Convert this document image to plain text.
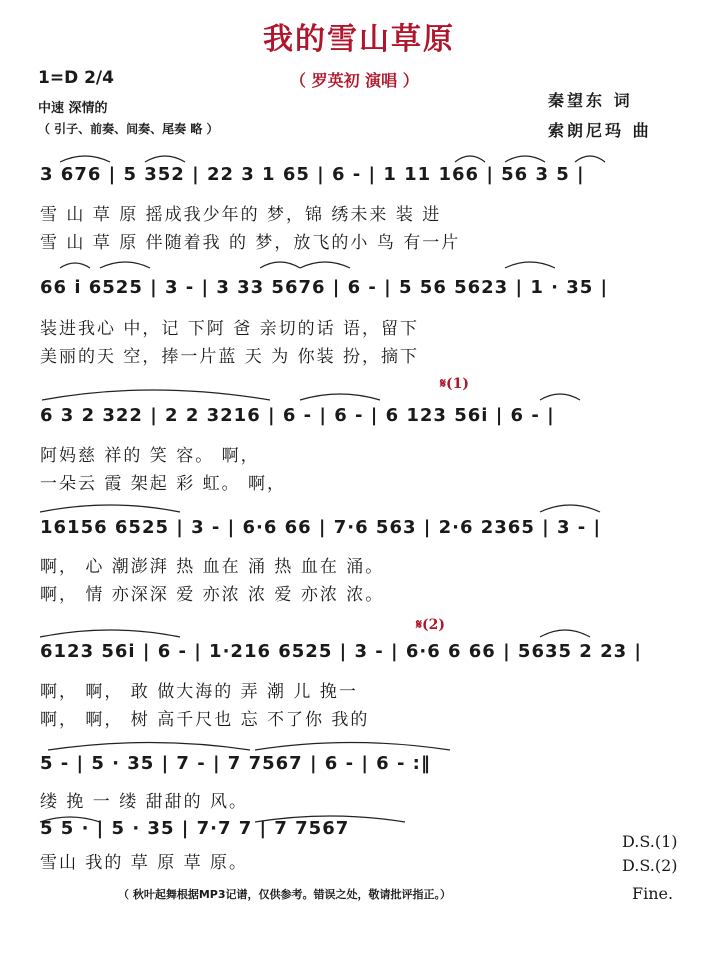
我的雪山草原
（ 罗英初 演唱 ）
1=D 2/4
中速 深情的
（ 引子、前奏、间奏、尾奏 略 ）
秦望东 词
索朗尼玛 曲
3 676 | 5 352 | 22 3 1 65 | 6 - | 1 11 166 | 56 3 5 |
雪 山 草 原 摇成我少年的 梦，锦 绣未来 装 进
雪 山 草 原 伴随着我 的 梦，放飞的小 鸟 有一片
66 i 6525 | 3 - | 3 33 5676 | 6 - | 5 56 5623 | 1 · 35 |
装进我心 中，记 下阿 爸 亲切的话 语，留下
美丽的天 空，捧一片蓝 天 为 你装 扮，摘下
𝄋(1)
6 3 2 322 | 2 2 3216 | 6 - | 6 - | 6 123 56i | 6 - |
阿妈慈 祥的 笑 容。 啊，
一朵云 霞 架起 彩 虹。 啊，
16156 6525 | 3 - | 6·6 66 | 7·6 563 | 2·6 2365 | 3 - |
啊， 心 潮澎湃 热 血在 涌 热 血在 涌。
啊， 情 亦深深 爱 亦浓 浓 爱 亦浓 浓。
𝄋(2)
6123 56i | 6 - | 1·216 6525 | 3 - | 6·6 6 66 | 5635 2 23 |
啊， 啊， 敢 做大海的 弄 潮 儿 挽一
啊， 啊， 树 高千尺也 忘 不了你 我的
5 - | 5 · 35 | 7 - | 7 7567 | 6 - | 6 - :‖
缕 挽 一 缕 甜甜的 风。
5 5 · | 5 · 35 | 7·7 7 | 7 7567
雪山 我的 草 原 草 原。
D.S.(1)
D.S.(2)
Fine.
（ 秋叶起舞根据MP3记谱，仅供参考。错误之处，敬请批评指正。）
